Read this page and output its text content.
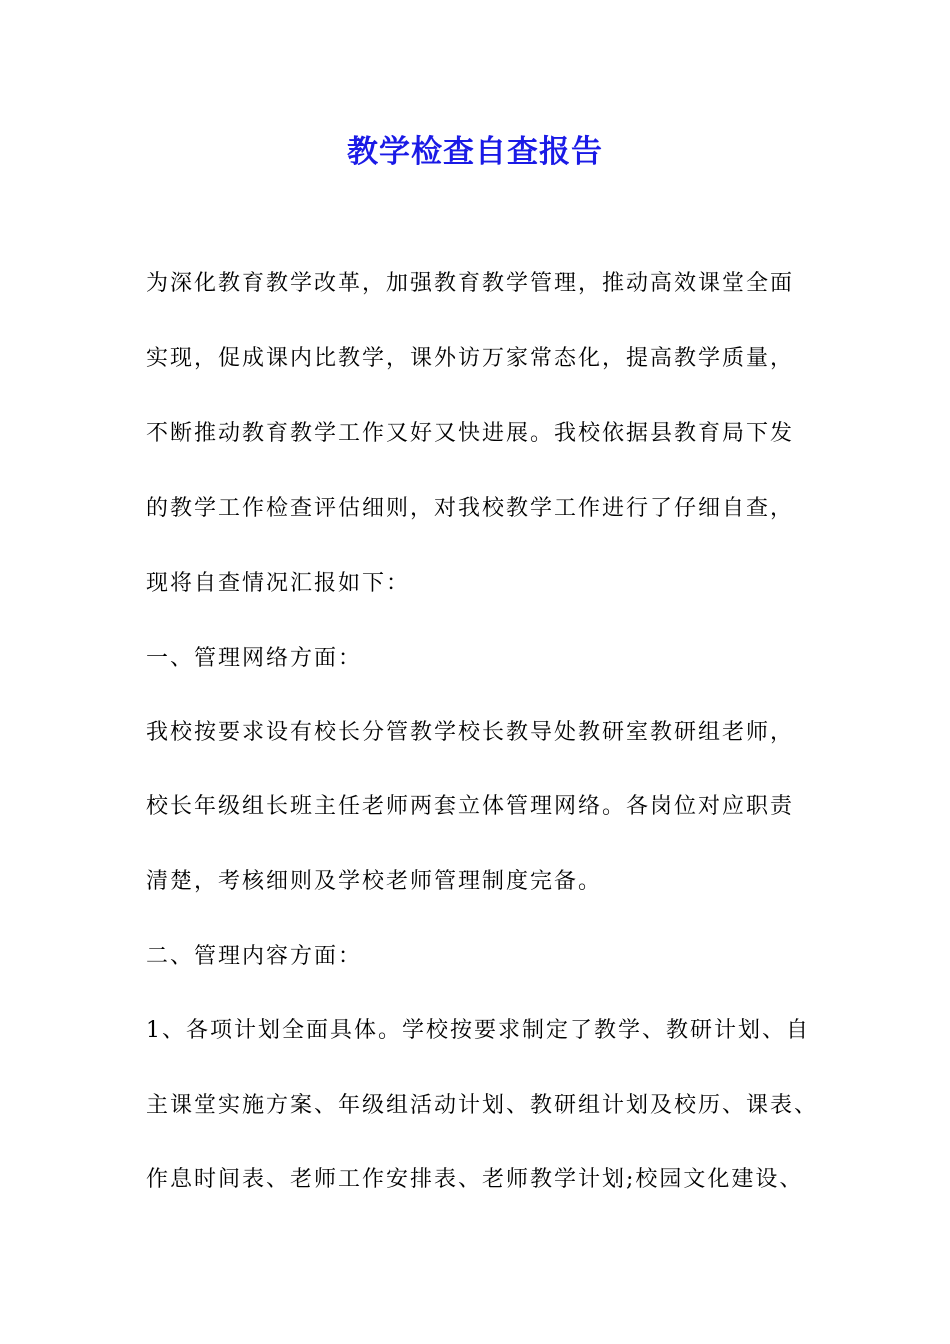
教学检查自查报告
为深化教育教学改革，加强教育教学管理，推动高效课堂全面
实现，促成课内比教学，课外访万家常态化，提高教学质量，
不断推动教育教学工作又好又快进展。我校依据县教育局下发
的教学工作检查评估细则，对我校教学工作进行了仔细自查，
现将自查情况汇报如下：
一、管理网络方面：
我校按要求设有校长分管教学校长教导处教研室教研组老师，
校长年级组长班主任老师两套立体管理网络。各岗位对应职责
清楚，考核细则及学校老师管理制度完备。
二、管理内容方面：
1、各项计划全面具体。学校按要求制定了教学、教研计划、自
主课堂实施方案、年级组活动计划、教研组计划及校历、课表、
作息时间表、老师工作安排表、老师教学计划;校园文化建设、
